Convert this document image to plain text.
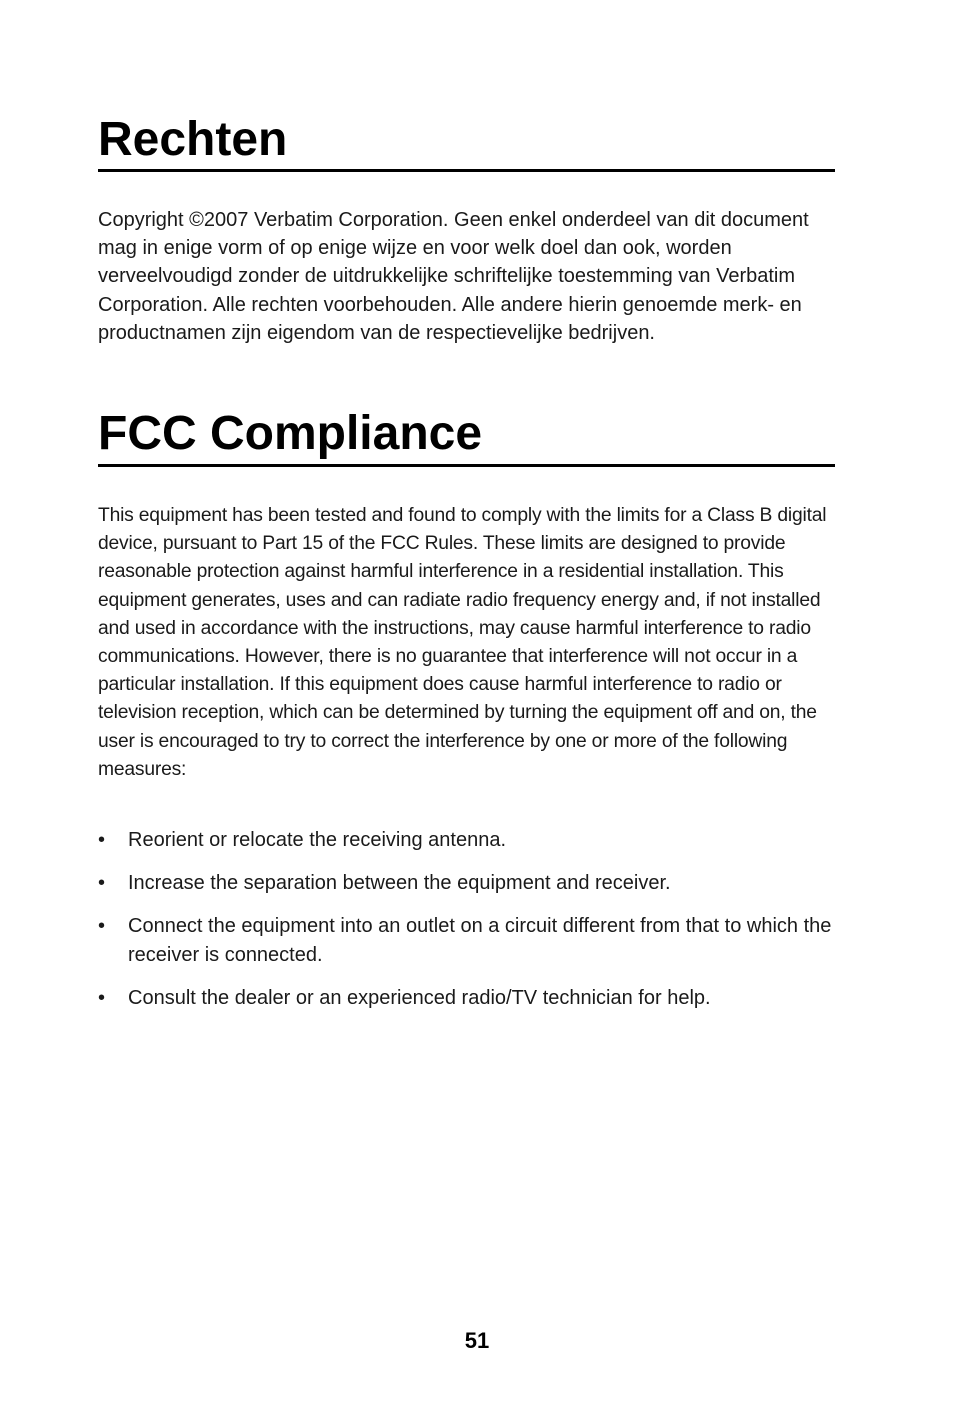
Rechten

Copyright ©2007 Verbatim Corporation. Geen enkel onderdeel van dit document mag in enige vorm of op enige wijze en voor welk doel dan ook, worden verveelvoudigd zonder de uitdrukkelijke schriftelijke toestemming van Verbatim Corporation. Alle rechten voorbehouden. Alle andere hierin genoemde merk- en productnamen zijn eigendom van de respectievelijke bedrijven.

FCC Compliance

This equipment has been tested and found to comply with the limits for a Class B digital device, pursuant to Part 15 of the FCC Rules. These limits are designed to provide reasonable protection against harmful interference in a residential installation. This equipment generates, uses and can radiate radio frequency energy and, if not installed and used in accordance with the instructions, may cause harmful interference to radio communications. However, there is no guarantee that interference will not occur in a particular installation. If this equipment does cause harmful interference to radio or television reception, which can be determined by turning the equipment off and on, the user is encouraged to try to correct the interference by one or more of the following measures:

• Reorient or relocate the receiving antenna.
• Increase the separation between the equipment and receiver.
• Connect the equipment into an outlet on a circuit different from that to which the receiver is connected.
• Consult the dealer or an experienced radio/TV technician for help.
51
